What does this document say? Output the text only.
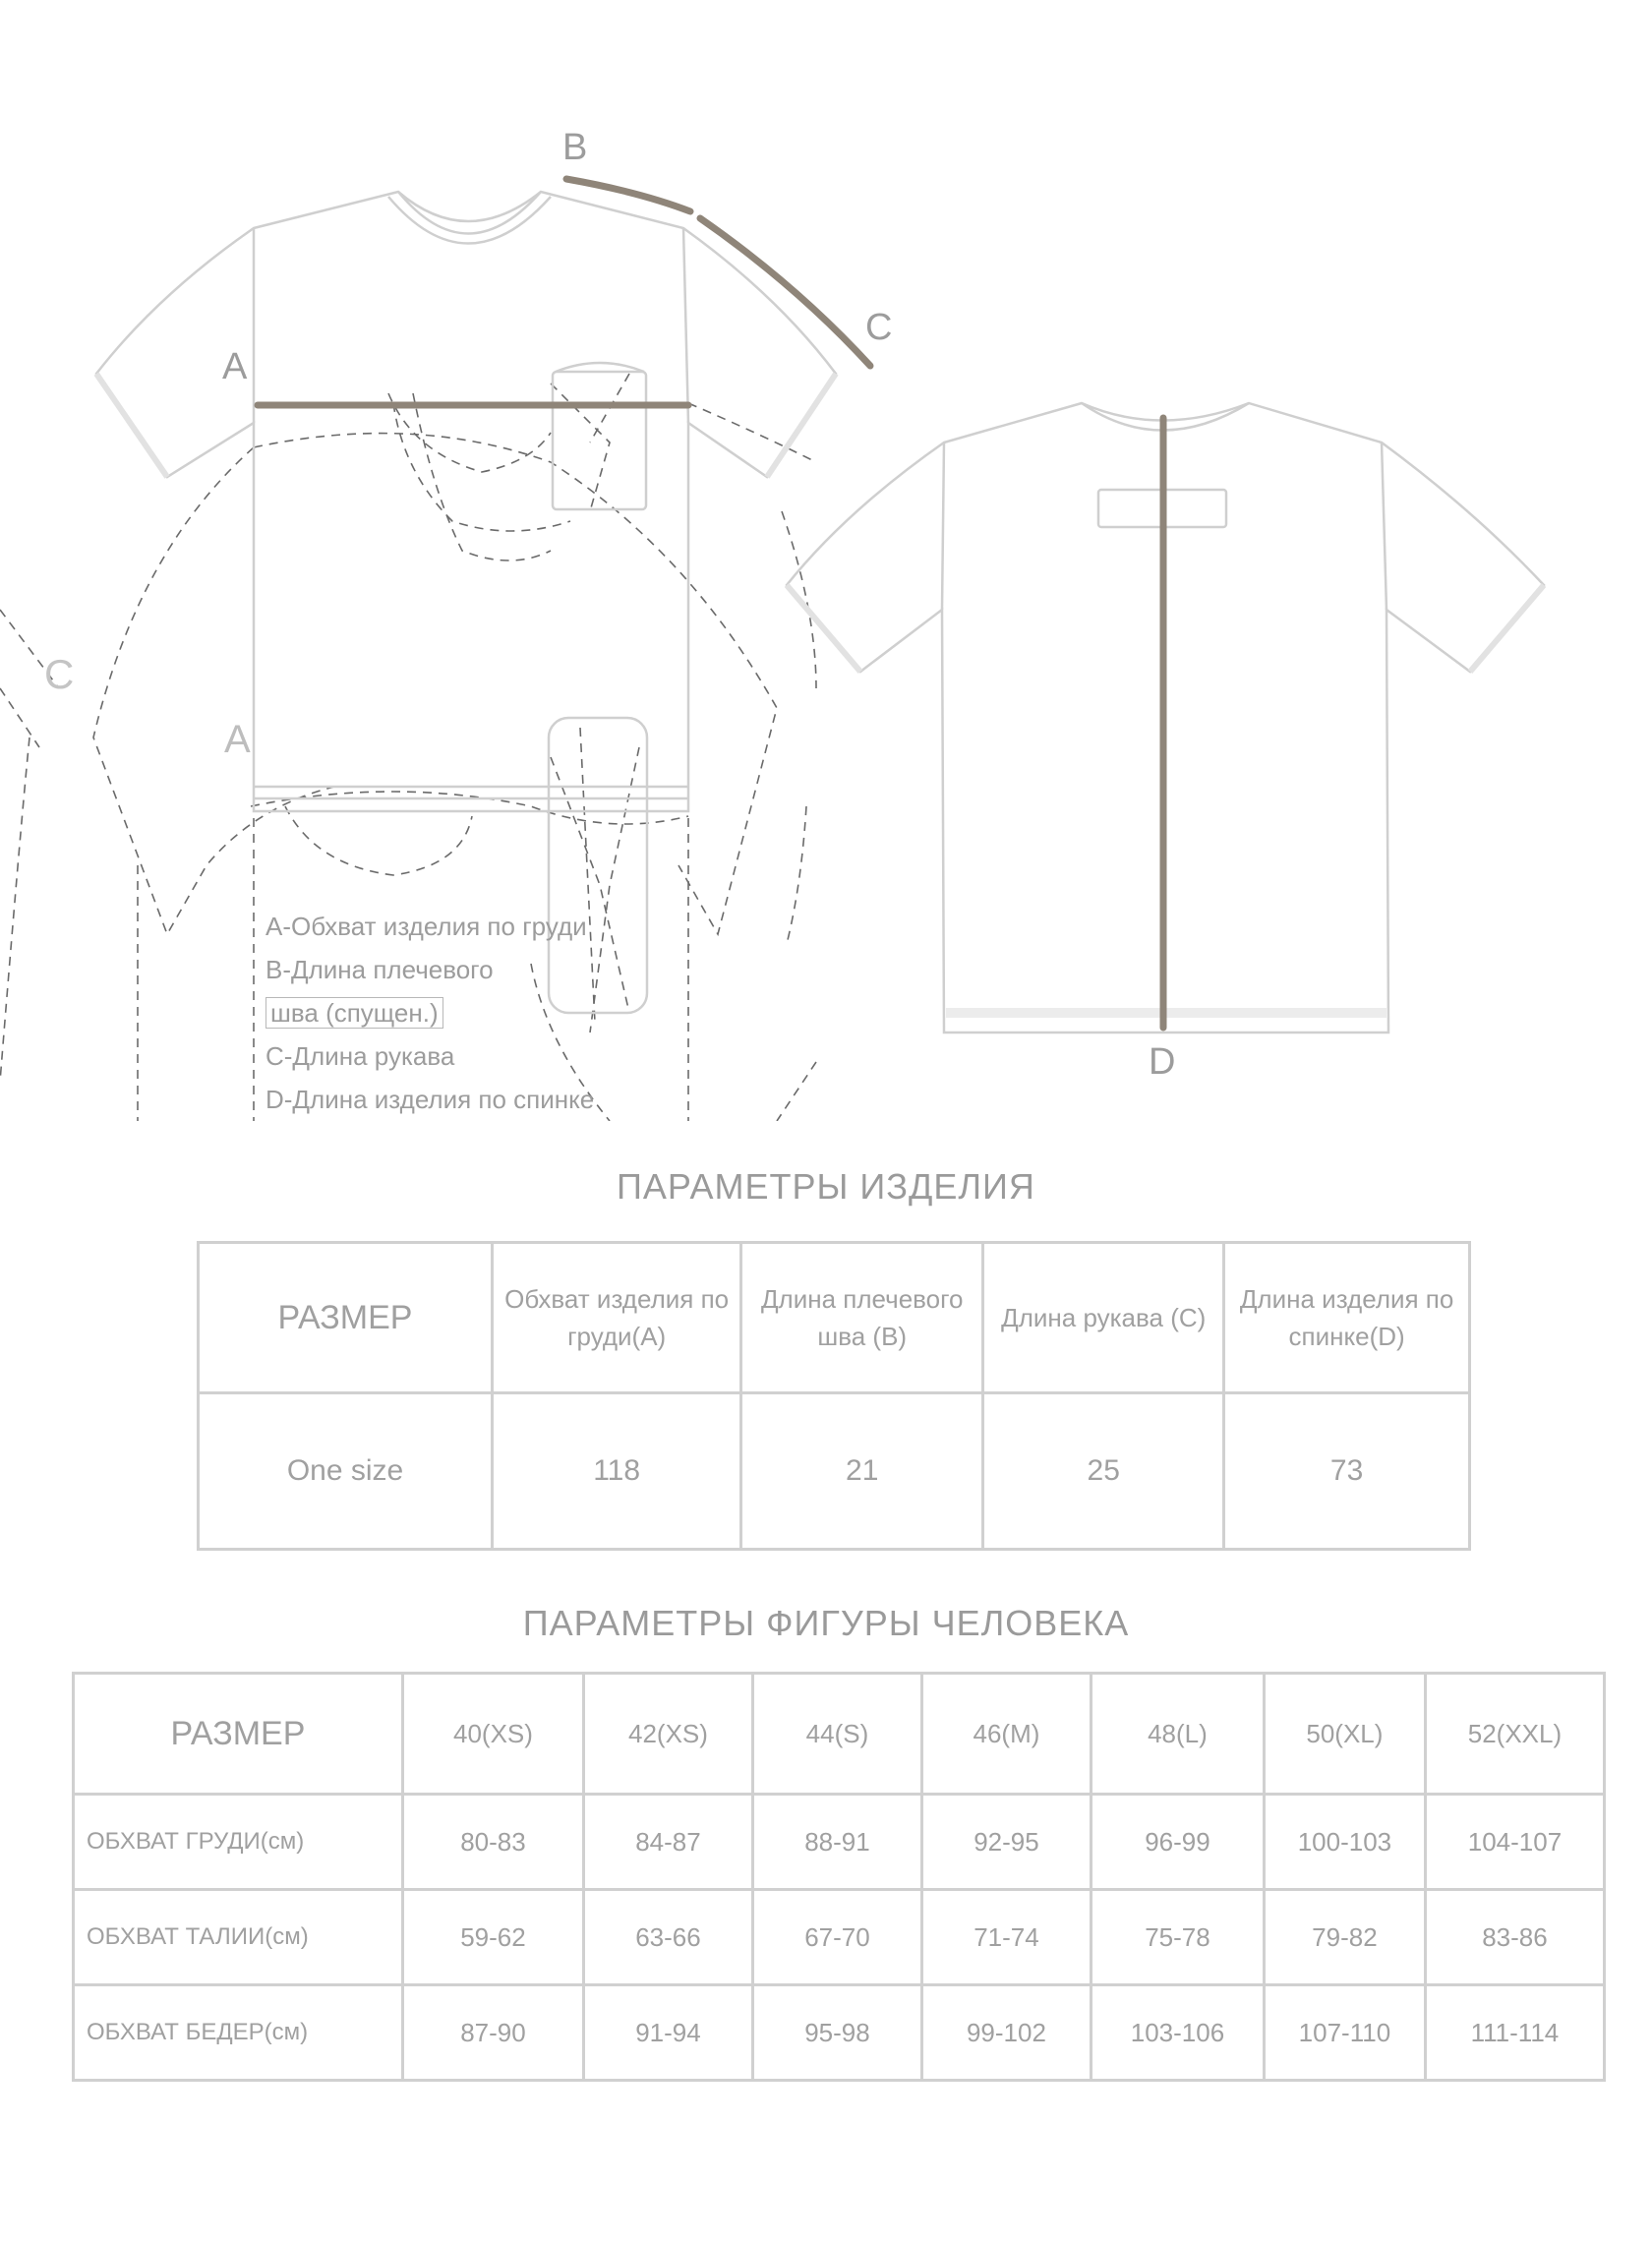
A
B
C
D
A
C
A-Обхват изделия по груди
B-Длина плечевого
шва (спущен.)
C-Длина рукава
D-Длина изделия по спинке
ПАРАМЕТРЫ ИЗДЕЛИЯ
РАЗМЕР	Обхват изделия по груди(A)	Длина плечевого шва (B)	Длина рукава (C)	Длина изделия по спинке(D)
One size	118	21	25	73
ПАРАМЕТРЫ ФИГУРЫ ЧЕЛОВЕКА
РАЗМЕР	40(XS)	42(XS)	44(S)	46(M)	48(L)	50(XL)	52(XXL)
ОБХВАТ ГРУДИ(см)	80-83	84-87	88-91	92-95	96-99	100-103	104-107
ОБХВАТ ТАЛИИ(см)	59-62	63-66	67-70	71-74	75-78	79-82	83-86
ОБХВАТ БЕДЕР(см)	87-90	91-94	95-98	99-102	103-106	107-110	111-114
